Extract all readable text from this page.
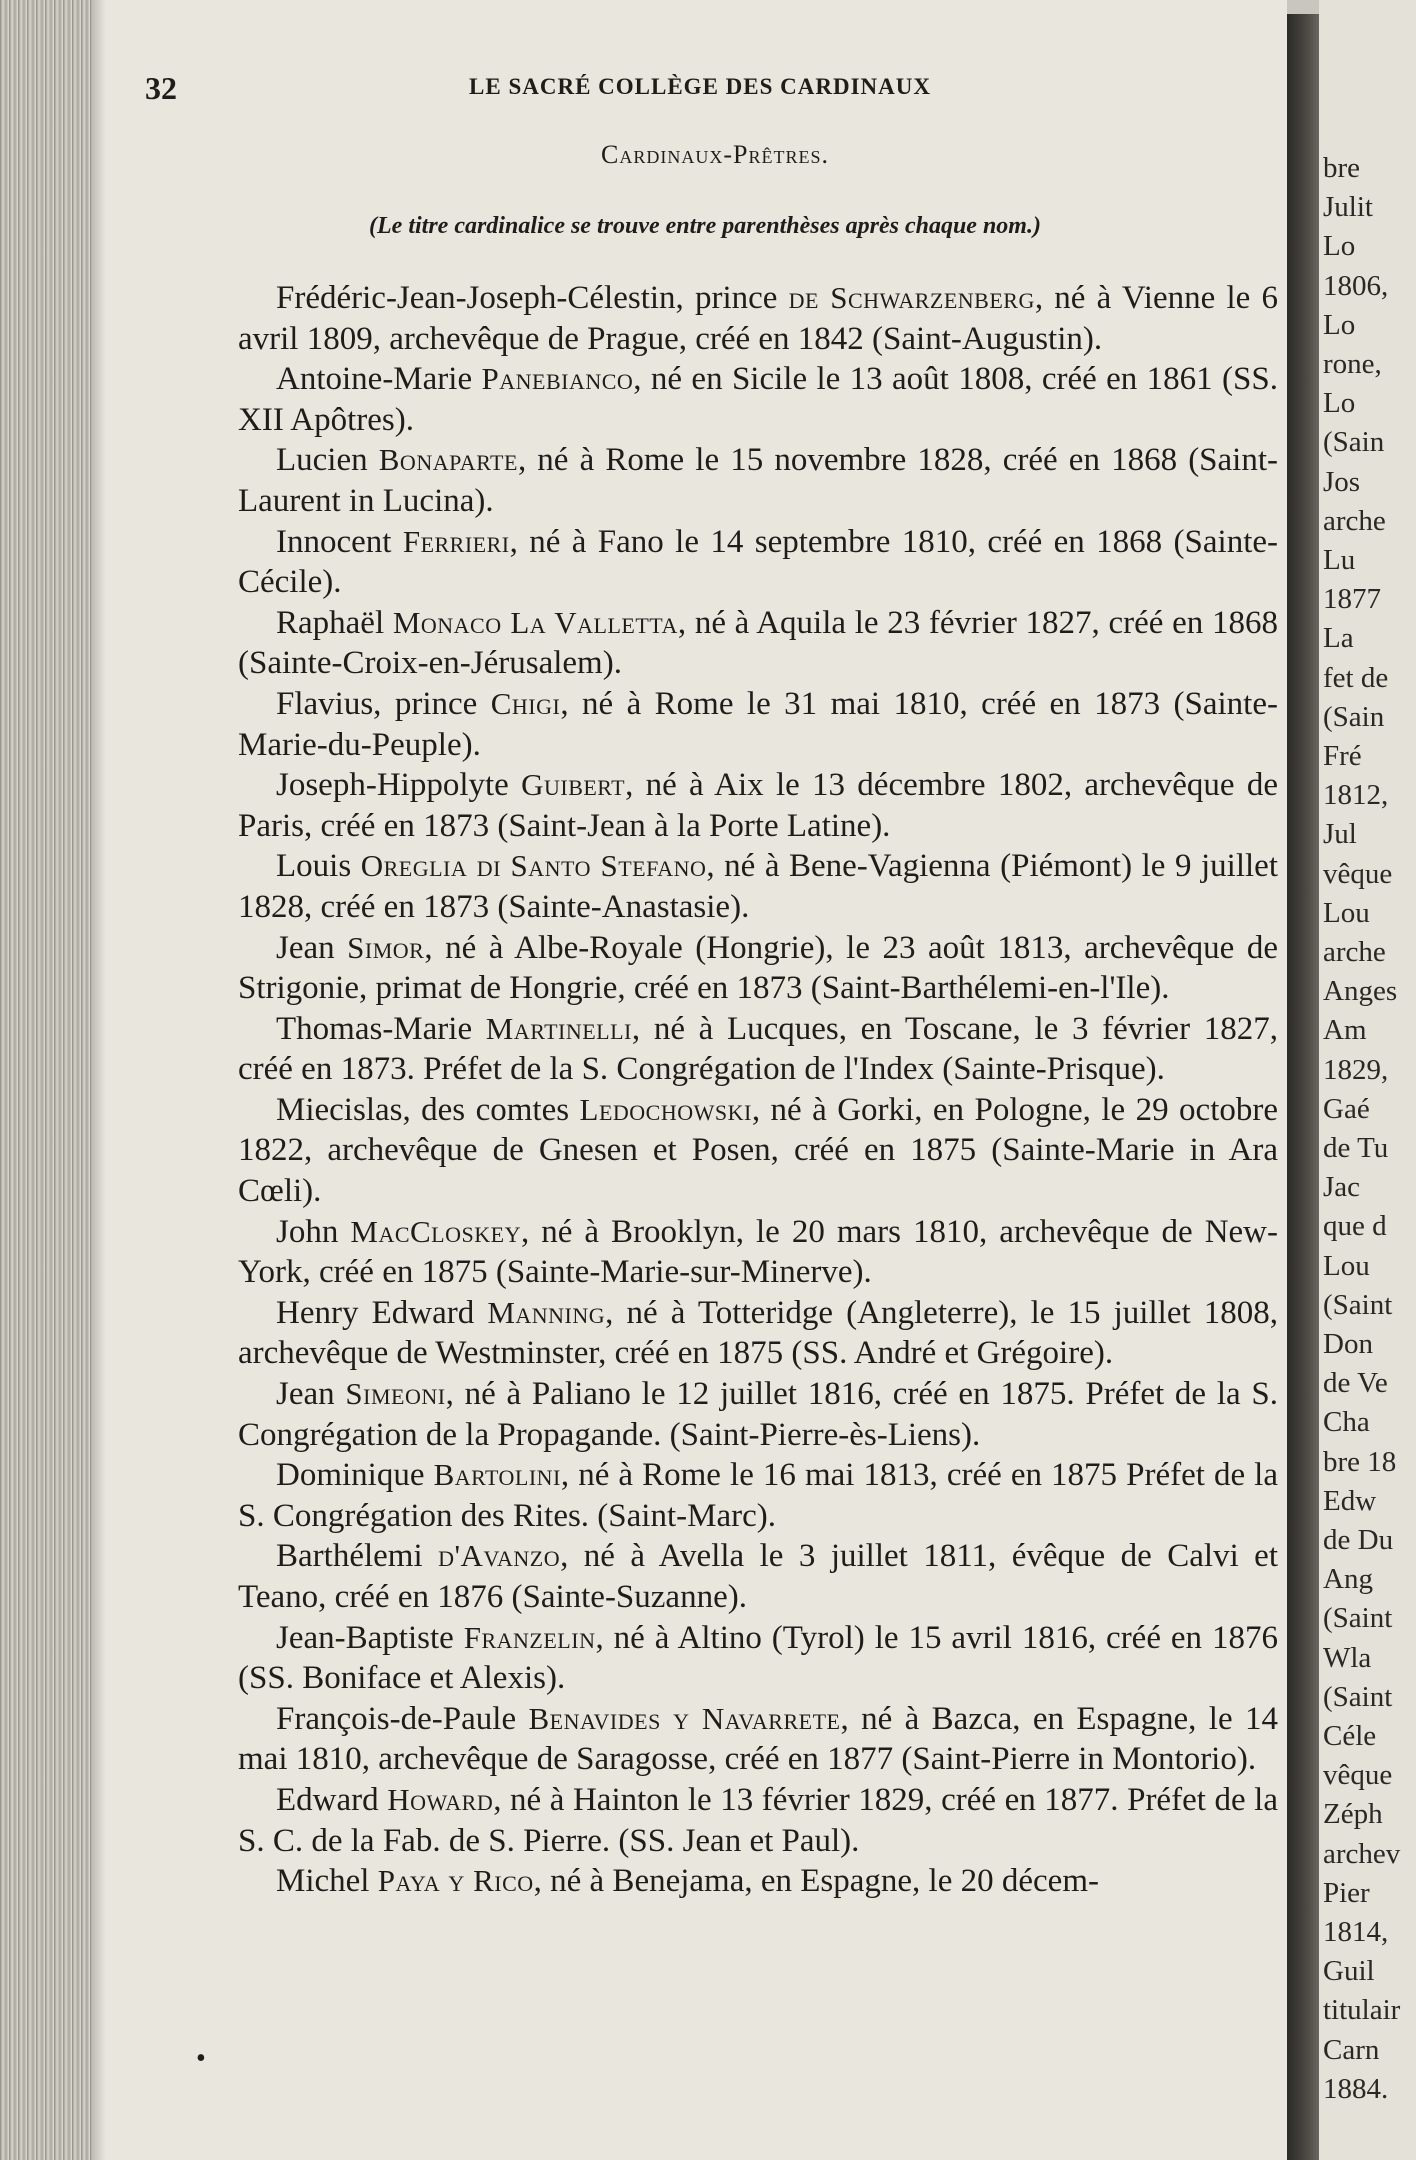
32	LE SACRÉ COLLÈGE DES CARDINAUX
Cardinaux-Prêtres.
(Le titre cardinalice se trouve entre parenthèses après chaque nom.)

Frédéric-Jean-Joseph-Célestin, prince de Schwarzenberg, né à Vienne le 6 avril 1809, archevêque de Prague, créé en 1842 (Saint-Augustin).

Antoine-Marie Panebianco, né en Sicile le 13 août 1808, créé en 1861 (SS. XII Apôtres).

Lucien Bonaparte, né à Rome le 15 novembre 1828, créé en 1868 (Saint-Laurent in Lucina).

Innocent Ferrieri, né à Fano le 14 septembre 1810, créé en 1868 (Sainte-Cécile).

Raphaël Monaco La Valletta, né à Aquila le 23 février 1827, créé en 1868 (Sainte-Croix-en-Jérusalem).

Flavius, prince Chigi, né à Rome le 31 mai 1810, créé en 1873 (Sainte-Marie-du-Peuple).

Joseph-Hippolyte Guibert, né à Aix le 13 décembre 1802, archevêque de Paris, créé en 1873 (Saint-Jean à la Porte Latine).

Louis Oreglia di Santo Stefano, né à Bene-Vagienna (Piémont) le 9 juillet 1828, créé en 1873 (Sainte-Anastasie).

Jean Simor, né à Albe-Royale (Hongrie), le 23 août 1813, archevêque de Strigonie, primat de Hongrie, créé en 1873 (Saint-Barthélemi-en-l'Ile).

Thomas-Marie Martinelli, né à Lucques, en Toscane, le 3 février 1827, créé en 1873. Préfet de la S. Congrégation de l'Index (Sainte-Prisque).

Miecislas, des comtes Ledochowski, né à Gorki, en Pologne, le 29 octobre 1822, archevêque de Gnesen et Posen, créé en 1875 (Sainte-Marie in Ara Cœli).

John MacCloskey, né à Brooklyn, le 20 mars 1810, archevêque de New-York, créé en 1875 (Sainte-Marie-sur-Minerve).

Henry Edward Manning, né à Totteridge (Angleterre), le 15 juillet 1808, archevêque de Westminster, créé en 1875 (SS. André et Grégoire).

Jean Simeoni, né à Paliano le 12 juillet 1816, créé en 1875. Préfet de la S. Congrégation de la Propagande. (Saint-Pierre-ès-Liens).

Dominique Bartolini, né à Rome le 16 mai 1813, créé en 1875 Préfet de la S. Congrégation des Rites. (Saint-Marc).

Barthélemi d'Avanzo, né à Avella le 3 juillet 1811, évêque de Calvi et Teano, créé en 1876 (Sainte-Suzanne).

Jean-Baptiste Franzelin, né à Altino (Tyrol) le 15 avril 1816, créé en 1876 (SS. Boniface et Alexis).

François-de-Paule Benavides y Navarrete, né à Bazca, en Espagne, le 14 mai 1810, archevêque de Saragosse, créé en 1877 (Saint-Pierre in Montorio).

Edward Howard, né à Hainton le 13 février 1829, créé en 1877. Préfet de la S. C. de la Fab. de S. Pierre. (SS. Jean et Paul).

Michel Paya y Rico, né à Benejama, en Espagne, le 20 décem-

•
bre
Julit
Lo
1806,
Lo
rone,
Lo
(Sain
Jos
arche
Lu
1877
La
fet de
(Sain
Fré
1812,
Jul
vêque
Lou
arche
Anges
Am
1829,
Gaé
de Tu
Jac
que d
Lou
(Saint
Don
de Ve
Cha
bre 18
Edw
de Du
Ang
(Saint
Wla
(Saint
Céle
vêque
Zéph
archev
Pier
1814,
Guil
titulair
Carn
1884.
